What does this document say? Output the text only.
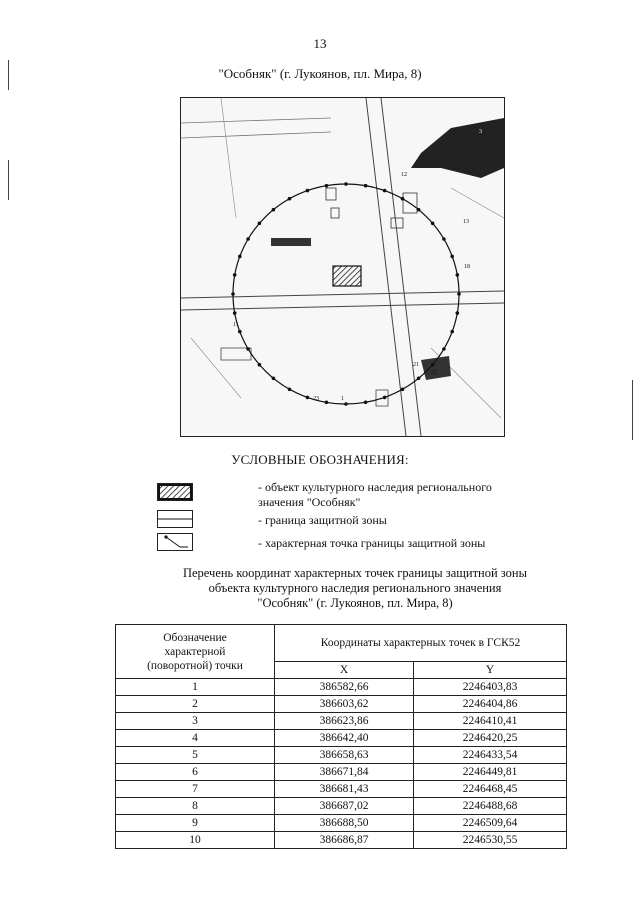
13
"Особняк" (г. Лукоянов, пл. Мира, 8)
21
22
23	1
3
11
12
13
18
УСЛОВНЫЕ ОБОЗНАЧЕНИЯ:
- объект культурного наследия регионального
значения "Особняк"
- граница защитной зоны
- характерная точка границы защитной зоны
Перечень координат характерных точек границы защитной зоны
объекта культурного наследия регионального значения
"Особняк" (г. Лукоянов, пл. Мира, 8)
Обозначение
характерной
(поворотной) точки	Координаты характерных точек в ГСК52	
	X	Y
1	386582,66	2246403,83
2	386603,62	2246404,86
3	386623,86	2246410,41
4	386642,40	2246420,25
5	386658,63	2246433,54
6	386671,84	2246449,81
7	386681,43	2246468,45
8	386687,02	2246488,68
9	386688,50	2246509,64
10	386686,87	2246530,55
